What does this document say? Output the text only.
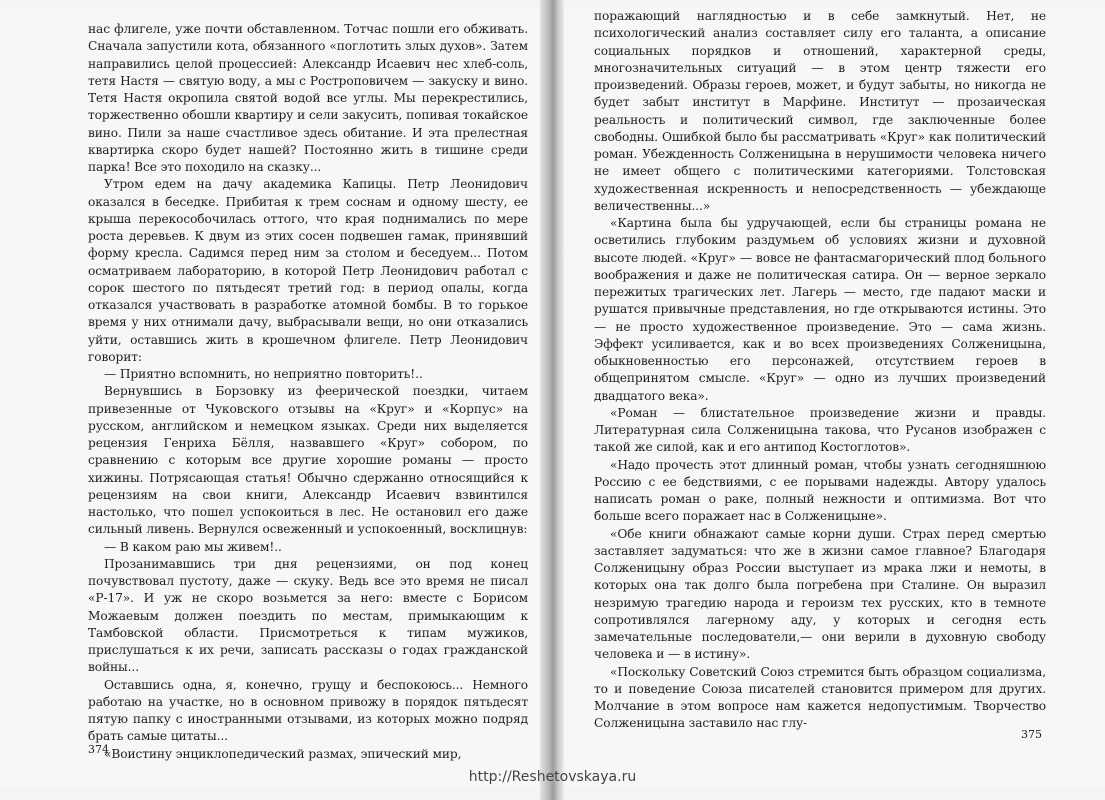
нас флигеле, уже почти обставленном. Тотчас пошли его обживать. Сначала запустили кота, обязанного «поглотить злых духов». Затем направились целой процессией: Александр Исаевич нес хлеб-соль, тетя Настя — святую воду, а мы с Ростроповичем — закуску и вино. Тетя Настя окропила святой водой все углы. Мы перекрестились, торжественно обошли квартиру и сели закусить, попивая токайское вино. Пили за наше счастливое здесь обитание. И эта прелестная квартирка скоро будет нашей? Постоянно жить в тишине среди парка! Все это походило на сказку...

Утром едем на дачу академика Капицы. Петр Леонидович оказался в беседке. Прибитая к трем соснам и одному шесту, ее крыша перекособочилась оттого, что края поднимались по мере роста деревьев. К двум из этих сосен подвешен гамак, принявший форму кресла. Садимся перед ним за столом и беседуем... Потом осматриваем лабораторию, в которой Петр Леонидович работал с сорок шестого по пятьдесят третий год: в период опалы, когда отказался участвовать в разработке атомной бомбы. В то горькое время у них отнимали дачу, выбрасывали вещи, но они отказались уйти, оставшись жить в крошечном флигеле. Петр Леонидович говорит:

— Приятно вспомнить, но неприятно повторить!..

Вернувшись в Борзовку из феерической поездки, читаем привезенные от Чуковского отзывы на «Круг» и «Корпус» на русском, английском и немецком языках. Среди них выделяется рецензия Генриха Бёлля, назвавшего «Круг» собором, по сравнению с которым все другие хорошие романы — просто хижины. Потрясающая статья! Обычно сдержанно относящийся к рецензиям на свои книги, Александр Исаевич взвинтился настолько, что пошел успокоиться в лес. Не остановил его даже сильный ливень. Вернулся освеженный и успокоенный, восклицнув:

— В каком раю мы живем!..

Прозанимавшись три дня рецензиями, он под конец почувствовал пустоту, даже — скуку. Ведь все это время не писал «Р-17». И уж не скоро возьмется за него: вместе с Борисом Можаевым должен поездить по местам, примыкающим к Тамбовской области. Присмотреться к типам мужиков, прислушаться к их речи, записать рассказы о годах гражданской войны...

Оставшись одна, я, конечно, грущу и беспокоюсь... Немного работаю на участке, но в основном привожу в порядок пятьдесят пятую папку с иностранными отзывами, из которых можно подряд брать самые цитаты...

«Воистину энциклопедический размах, эпический мир,

374

поражающий наглядностью и в себе замкнутый. Нет, не психологический анализ составляет силу его таланта, а описание социальных порядков и отношений, характерной среды, многозначительных ситуаций — в этом центр тяжести его произведений. Образы героев, может, и будут забыты, но никогда не будет забыт институт в Марфине. Институт — прозаическая реальность и политический символ, где заключенные более свободны. Ошибкой было бы рассматривать «Круг» как политический роман. Убежденность Солженицына в нерушимости человека ничего не имеет общего с политическими категориями. Толстовская художественная искренность и непосредственность — убеждающе величественны...»

«Картина была бы удручающей, если бы страницы романа не осветились глубоким раздумьем об условиях жизни и духовной высоте людей. «Круг» — вовсе не фантасмагорический плод больного воображения и даже не политическая сатира. Он — верное зеркало пережитых трагических лет. Лагерь — место, где падают маски и рушатся привычные представления, но где открываются истины. Это — не просто художественное произведение. Это — сама жизнь. Эффект усиливается, как и во всех произведениях Солженицына, обыкновенностью его персонажей, отсутствием героев в общепринятом смысле. «Круг» — одно из лучших произведений двадцатого века».

«Роман — блистательное произведение жизни и правды. Литературная сила Солженицына такова, что Русанов изображен с такой же силой, как и его антипод Костоглотов».

«Надо прочесть этот длинный роман, чтобы узнать сегодняшнюю Россию с ее бедствиями, с ее порывами надежды. Автору удалось написать роман о раке, полный нежности и оптимизма. Вот что больше всего поражает нас в Солженицыне».

«Обе книги обнажают самые корни души. Страх перед смертью заставляет задуматься: что же в жизни самое главное? Благодаря Солженицыну образ России выступает из мрака лжи и немоты, в которых она так долго была погребена при Сталине. Он выразил незримую трагедию народа и героизм тех русских, кто в темноте сопротивлялся лагерному аду, у которых и сегодня есть замечательные последователи,— они верили в духовную свободу человека и — в истину».

«Поскольку Советский Союз стремится быть образцом социализма, то и поведение Союза писателей становится примером для других. Молчание в этом вопросе нам кажется недопустимым. Творчество Солженицына заставило нас глу-

375
http://Reshetovskaya.ru
